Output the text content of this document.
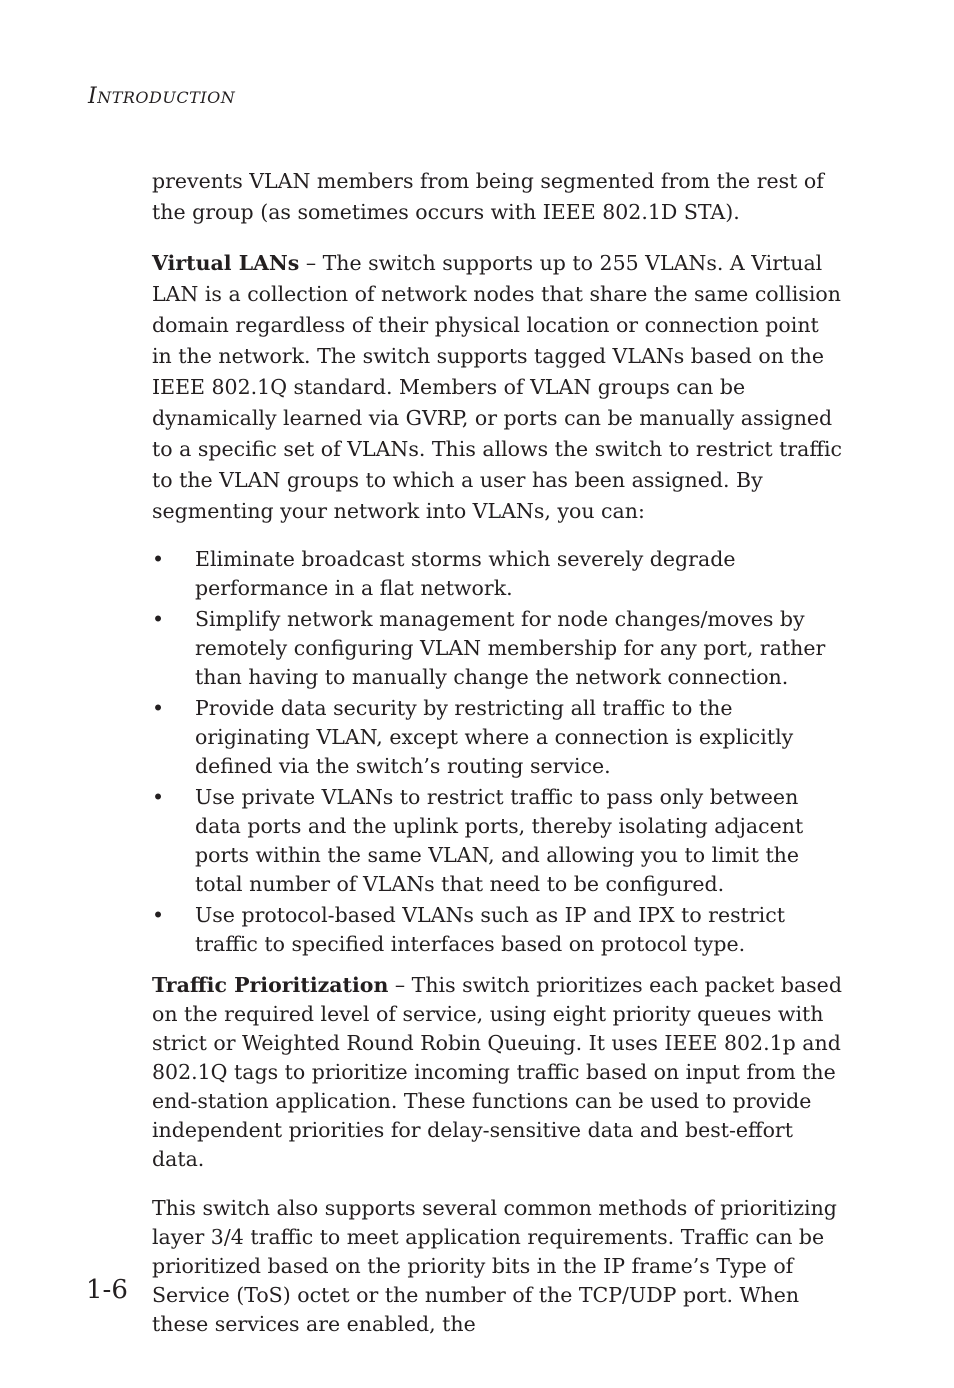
INTRODUCTION

prevents VLAN members from being segmented from the rest of the group (as sometimes occurs with IEEE 802.1D STA).

Virtual LANs – The switch supports up to 255 VLANs. A Virtual LAN is a collection of network nodes that share the same collision domain regardless of their physical location or connection point in the network. The switch supports tagged VLANs based on the IEEE 802.1Q standard. Members of VLAN groups can be dynamically learned via GVRP, or ports can be manually assigned to a specific set of VLANs. This allows the switch to restrict traffic to the VLAN groups to which a user has been assigned. By segmenting your network into VLANs, you can:

• Eliminate broadcast storms which severely degrade performance in a flat network.
• Simplify network management for node changes/moves by remotely configuring VLAN membership for any port, rather than having to manually change the network connection.
• Provide data security by restricting all traffic to the originating VLAN, except where a connection is explicitly defined via the switch’s routing service.
• Use private VLANs to restrict traffic to pass only between data ports and the uplink ports, thereby isolating adjacent ports within the same VLAN, and allowing you to limit the total number of VLANs that need to be configured.
• Use protocol-based VLANs such as IP and IPX to restrict traffic to specified interfaces based on protocol type.

Traffic Prioritization – This switch prioritizes each packet based on the required level of service, using eight priority queues with strict or Weighted Round Robin Queuing. It uses IEEE 802.1p and 802.1Q tags to prioritize incoming traffic based on input from the end-station application. These functions can be used to provide independent priorities for delay-sensitive data and best-effort data.

This switch also supports several common methods of prioritizing layer 3/4 traffic to meet application requirements. Traffic can be prioritized based on the priority bits in the IP frame’s Type of Service (ToS) octet or the number of the TCP/UDP port. When these services are enabled, the

1-6
